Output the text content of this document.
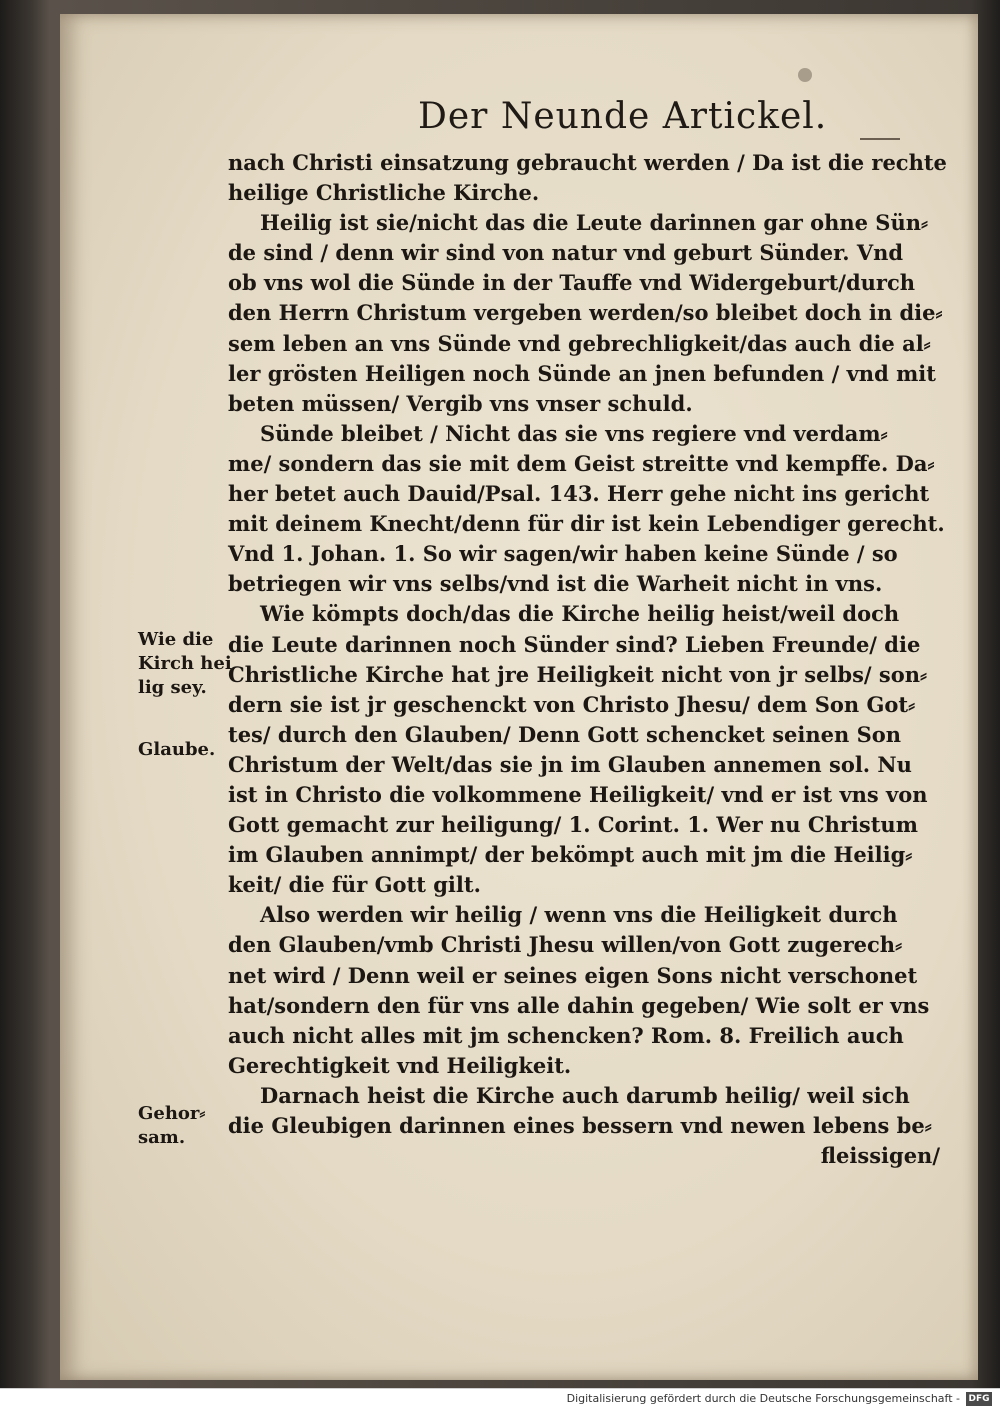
Der Neunde Artickel.
nach Christi einsatzung gebraucht werden / Da ist die rechte
heilige Christliche Kirche.
Heilig ist sie/nicht das die Leute darinnen gar ohne Sün⸗
de sind / denn wir sind von natur vnd geburt Sünder. Vnd
ob vns wol die Sünde in der Tauffe vnd Widergeburt/durch
den Herrn Christum vergeben werden/so bleibet doch in die⸗
sem leben an vns Sünde vnd gebrechligkeit/das auch die al⸗
ler grösten Heiligen noch Sünde an jnen befunden / vnd mit
beten müssen/ Vergib vns vnser schuld.
Sünde bleibet / Nicht das sie vns regiere vnd verdam⸗
me/ sondern das sie mit dem Geist streitte vnd kempffe. Da⸗
her betet auch Dauid/Psal. 143. Herr gehe nicht ins gericht
mit deinem Knecht/denn für dir ist kein Lebendiger gerecht.
Vnd 1. Johan. 1. So wir sagen/wir haben keine Sünde / so
betriegen wir vns selbs/vnd ist die Warheit nicht in vns.
Wie kömpts doch/das die Kirche heilig heist/weil doch
die Leute darinnen noch Sünder sind? Lieben Freunde/ die
Christliche Kirche hat jre Heiligkeit nicht von jr selbs/ son⸗
dern sie ist jr geschenckt von Christo Jhesu/ dem Son Got⸗
tes/ durch den Glauben/ Denn Gott schencket seinen Son
Christum der Welt/das sie jn im Glauben annemen sol. Nu
ist in Christo die volkommene Heiligkeit/ vnd er ist vns von
Gott gemacht zur heiligung/ 1. Corint. 1. Wer nu Christum
im Glauben annimpt/ der bekömpt auch mit jm die Heilig⸗
keit/ die für Gott gilt.
Also werden wir heilig / wenn vns die Heiligkeit durch
den Glauben/vmb Christi Jhesu willen/von Gott zugerech⸗
net wird / Denn weil er seines eigen Sons nicht verschonet
hat/sondern den für vns alle dahin gegeben/ Wie solt er vns
auch nicht alles mit jm schencken? Rom. 8. Freilich auch
Gerechtigkeit vnd Heiligkeit.
Darnach heist die Kirche auch darumb heilig/ weil sich
die Gleubigen darinnen eines bessern vnd newen lebens be⸗
fleissigen/
Wie die
Kirch hei
lig sey.
Glaube.
Gehor⸗
sam.
Digitalisierung gefördert durch die Deutsche Forschungsgemeinschaft - DFG
